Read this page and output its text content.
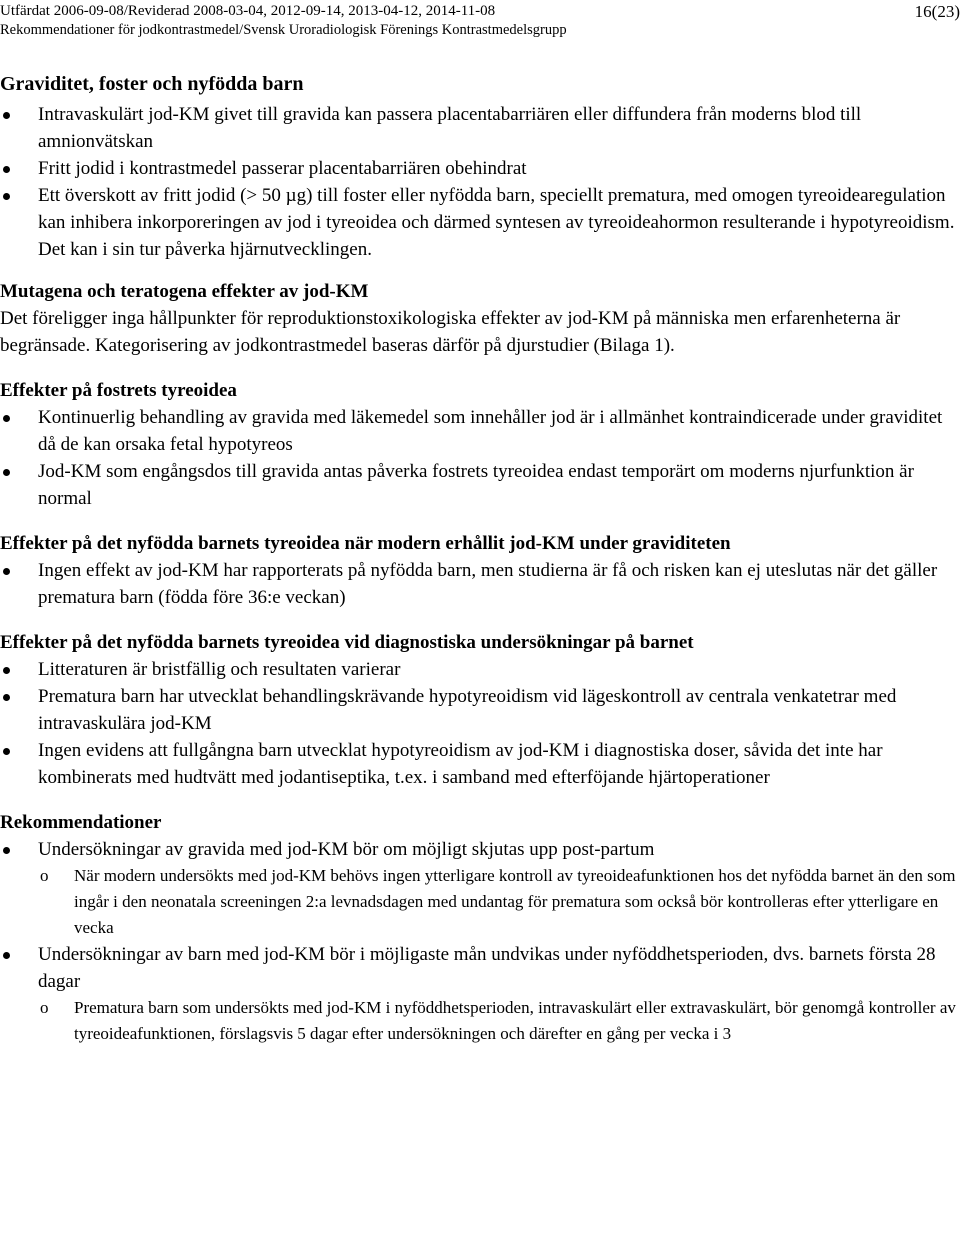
Utfärdat 2006-09-08/Reviderad 2008-03-04, 2012-09-14, 2013-04-12, 2014-11-08	16(23)
Rekommendationer för jodkontrastmedel/Svensk Uroradiologisk Förenings Kontrastmedelsgrupp
Graviditet, foster och nyfödda barn
Intravaskulärt jod-KM givet till gravida kan passera placentabarriären eller diffundera från moderns blod till amnionvätskan
Fritt jodid i kontrastmedel passerar placentabarriären obehindrat
Ett överskott av fritt jodid (> 50 µg) till foster eller nyfödda barn, speciellt prematura, med omogen tyreoidearegulation kan inhibera inkorporeringen av jod i tyreoidea och därmed syntesen av tyreoideahormon resulterande i hypotyreoidism. Det kan i sin tur påverka hjärnutvecklingen.
Mutagena och teratogena effekter av jod-KM

Det föreligger inga hållpunkter för reproduktionstoxikologiska effekter av jod-KM på människa men erfarenheterna är begränsade. Kategorisering av jodkontrastmedel baseras därför på djurstudier (Bilaga 1).

Effekter på fostrets tyreoidea
Kontinuerlig behandling av gravida med läkemedel som innehåller jod är i allmänhet kontraindicerade under graviditet då de kan orsaka fetal hypotyreos
Jod-KM som engångsdos till gravida antas påverka fostrets tyreoidea endast temporärt om moderns njurfunktion är normal
Effekter på det nyfödda barnets tyreoidea när modern erhållit jod-KM under graviditeten
Ingen effekt av jod-KM har rapporterats på nyfödda barn, men studierna är få och risken kan ej uteslutas när det gäller prematura barn (födda före 36:e veckan)
Effekter på det nyfödda barnets tyreoidea vid diagnostiska undersökningar på barnet
Litteraturen är bristfällig och resultaten varierar
Prematura barn har utvecklat behandlingskrävande hypotyreoidism vid lägeskontroll av centrala venkatetrar med intravaskulära jod-KM
Ingen evidens att fullgångna barn utvecklat hypotyreoidism av jod-KM i diagnostiska doser, såvida det inte har kombinerats med hudtvätt med jodantiseptika, t.ex. i samband med efterföjande hjärtoperationer
Rekommendationer
Undersökningar av gravida med jod-KM bör om möjligt skjutas upp post-partum
o När modern undersökts med jod-KM behövs ingen ytterligare kontroll av tyreoideafunktionen hos det nyfödda barnet än den som ingår i den neonatala screeningen 2:a levnadsdagen med undantag för prematura som också bör kontrolleras efter ytterligare en vecka
Undersökningar av barn med jod-KM bör i möjligaste mån undvikas under nyföddhetsperioden, dvs. barnets första 28 dagar
o Prematura barn som undersökts med jod-KM i nyföddhetsperioden, intravaskulärt eller extravaskulärt, bör genomgå kontroller av tyreoideafunktionen, förslagsvis 5 dagar efter undersökningen och därefter en gång per vecka i 3
